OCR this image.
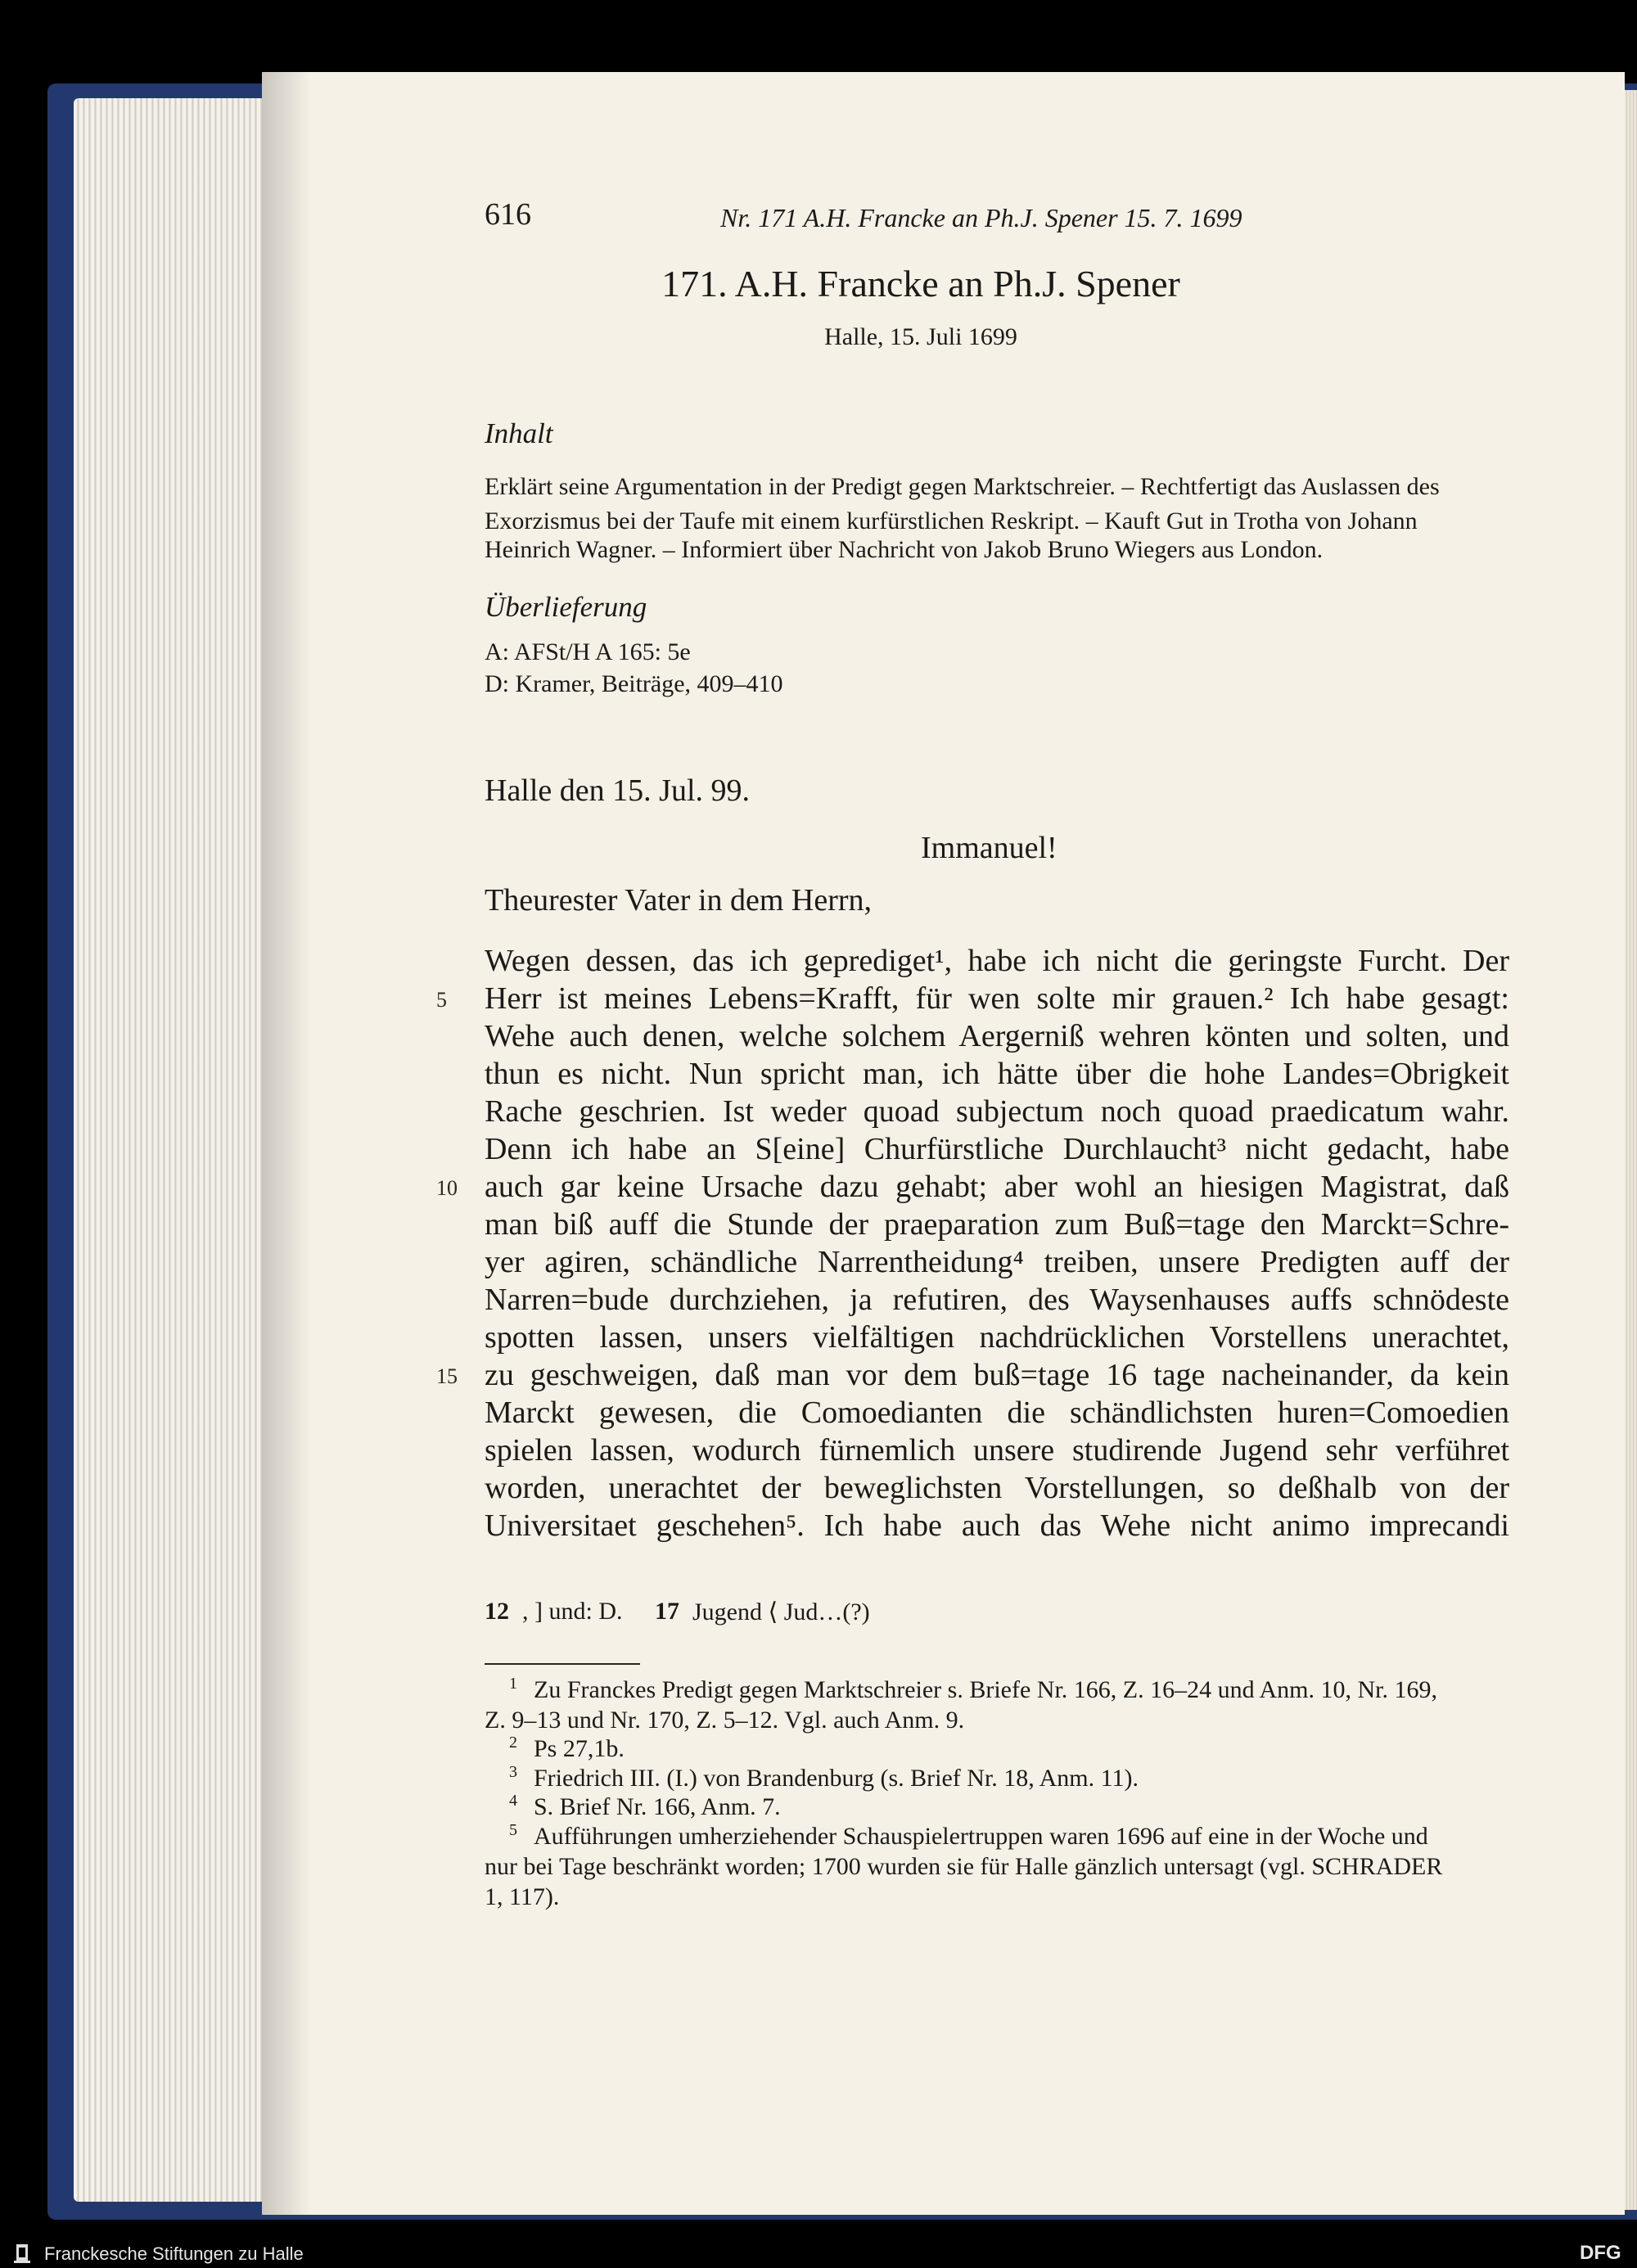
616	Nr. 171 A.H. Francke an Ph.J. Spener 15. 7. 1699
171. A.H. Francke an Ph.J. Spener
Halle, 15. Juli 1699
Inhalt
Erklärt seine Argumentation in der Predigt gegen Marktschreier. – Rechtfertigt das Auslassen des
Exorzismus bei der Taufe mit einem kurfürstlichen Reskript. – Kauft Gut in Trotha von Johann
Heinrich Wagner. – Informiert über Nachricht von Jakob Bruno Wiegers aus London.
Überlieferung
A: AFSt/H A 165: 5e
D: Kramer, Beiträge, 409–410
Halle den 15. Jul. 99.
Immanuel!
Theurester Vater in dem Herrn,
Wegen dessen, das ich geprediget¹, habe ich nicht die geringste Furcht. Der
Herr ist meines Lebens=Krafft, für wen solte mir grauen.² Ich habe gesagt:
Wehe auch denen, welche solchem Aergerniß wehren könten und solten, und
thun es nicht. Nun spricht man, ich hätte über die hohe Landes=Obrigkeit
Rache geschrien. Ist weder quoad subjectum noch quoad praedicatum wahr.
Denn ich habe an S[eine] Churfürstliche Durchlaucht³ nicht gedacht, habe
auch gar keine Ursache dazu gehabt; aber wohl an hiesigen Magistrat, daß
man biß auff die Stunde der praeparation zum Buß=tage den Marckt=Schre-
yer agiren, schändliche Narrentheidung⁴ treiben, unsere Predigten auff der
Narren=bude durchziehen, ja refutiren, des Waysenhauses auffs schnödeste
spotten lassen, unsers vielfältigen nachdrücklichen Vorstellens unerachtet,
zu geschweigen, daß man vor dem buß=tage 16 tage nacheinander, da kein
Marckt gewesen, die Comoedianten die schändlichsten huren=Comoedien
spielen lassen, wodurch fürnemlich unsere studirende Jugend sehr verführet
worden, unerachtet der beweglichsten Vorstellungen, so deßhalb von der
Universitaet geschehen⁵. Ich habe auch das Wehe nicht animo imprecandi
5
10
15
12 , ] und: D. 17 Jugend ⟨ Jud…(?)
1 Zu Franckes Predigt gegen Marktschreier s. Briefe Nr. 166, Z. 16–24 und Anm. 10, Nr. 169,
Z. 9–13 und Nr. 170, Z. 5–12. Vgl. auch Anm. 9.
2 Ps 27,1b.
3 Friedrich III. (I.) von Brandenburg (s. Brief Nr. 18, Anm. 11).
4 S. Brief Nr. 166, Anm. 7.
5 Aufführungen umherziehender Schauspielertruppen waren 1696 auf eine in der Woche und
nur bei Tage beschränkt worden; 1700 wurden sie für Halle gänzlich untersagt (vgl. SCHRADER
1, 117).
Franckesche Stiftungen zu Halle	DFG
